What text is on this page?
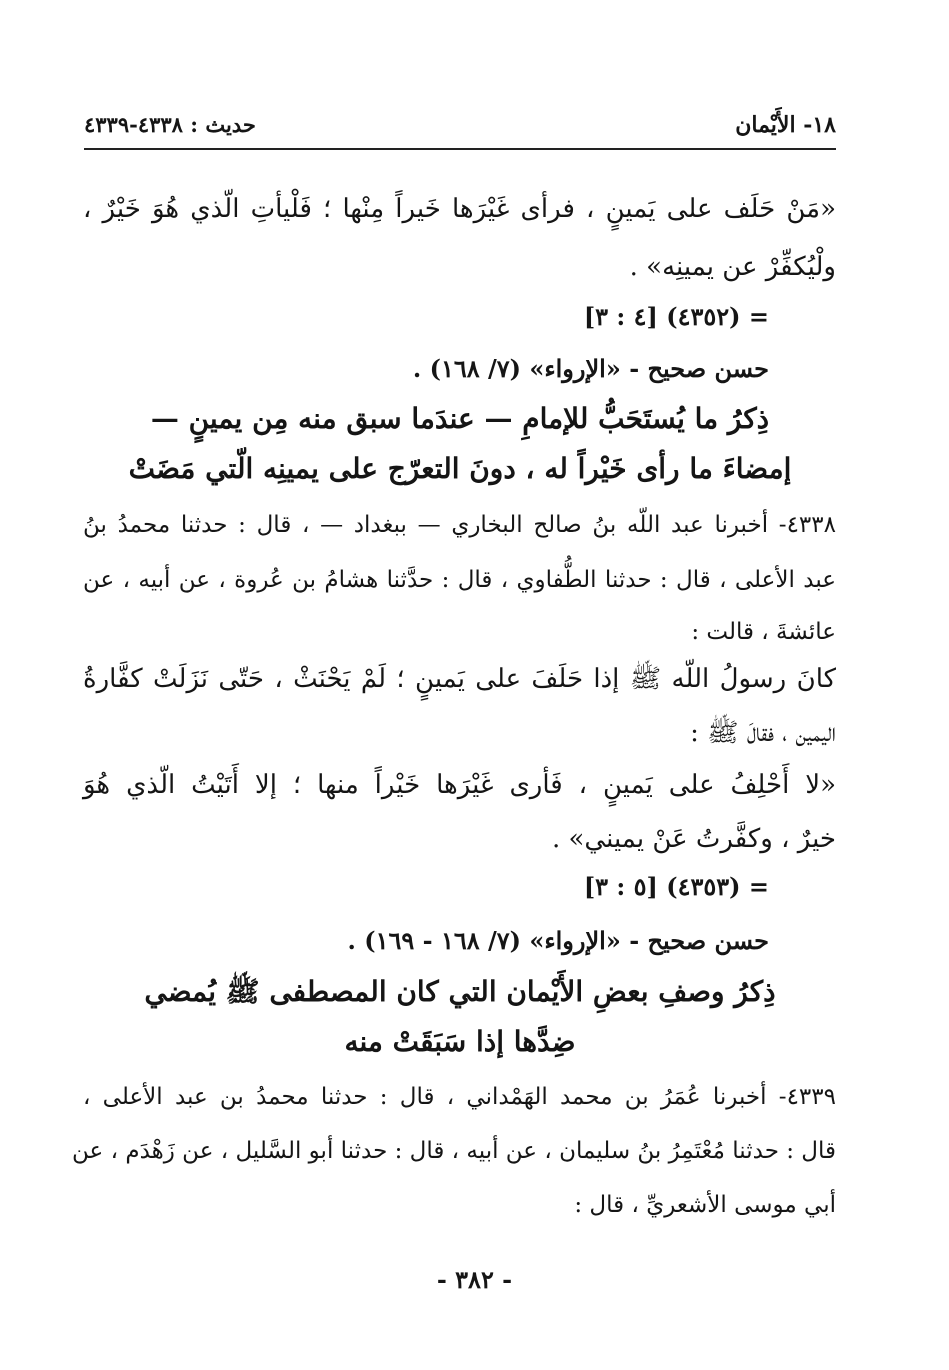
١٨- الأَيْمان
حديث : ٤٣٣٨-٤٣٣٩
«مَنْ حَلَف على يَمينٍ ، فرأى غَيْرَها خَيراً مِنْها ؛ فَلْيأتِ الّذي هُوَ خَيْرٌ ،
ولْيُكفِّرْ عن يمينِه» .
= (٤٣٥٢) [٤ : ٣]
حسن صحيح - «الإرواء» (٧/ ١٦٨) .
ذِكرُ ما يُستَحَبُّ للإمامِ — عندَما سبق منه مِن يمينٍ —
إمضاءَ ما رأى خَيْراً له ، دونَ التعرّج على يمينِه الّتي مَضَتْ
٤٣٣٨- أخبرنا عبد اللّه بنُ صالح البخاري — ببغداد — ، قال : حدثنا محمدُ بنُ
عبد الأعلى ، قال : حدثنا الطُّفاوي ، قال : حدَّثنا هشامُ بن عُروة ، عن أبيه ، عن
عائشةَ ، قالت :
كانَ رسولُ اللّه ﷺ إذا حَلَفَ على يَمينٍ ؛ لَمْ يَحْنَثْ ، حَتّى نَزَلَتْ كفَّارةُ
اليمين ، فقالَ ﷺ :
«لا أَحْلِفُ على يَمينٍ ، فَأرى غَيْرَها خَيْراً منها ؛ إلا أَتَيْتُ الّذي هُوَ
خيرٌ ، وكفَّرتُ عَنْ يميني» .
= (٤٣٥٣) [٥ : ٣]
حسن صحيح - «الإرواء» (٧/ ١٦٨ - ١٦٩) .
ذِكرُ وصفِ بعضِ الأَيْمان التي كان المصطفى ﷺ يُمضي
ضِدَّها إذا سَبَقَتْ منه
٤٣٣٩- أخبرنا عُمَرُ بن محمد الهَمْداني ، قال : حدثنا محمدُ بن عبد الأعلى ،
قال : حدثنا مُعْتَمِرُ بنُ سليمان ، عن أبيه ، قال : حدثنا أبو السَّليل ، عن زَهْدَم ، عن
أبي موسى الأشعريِّ ، قال :
- ٣٨٢ -
